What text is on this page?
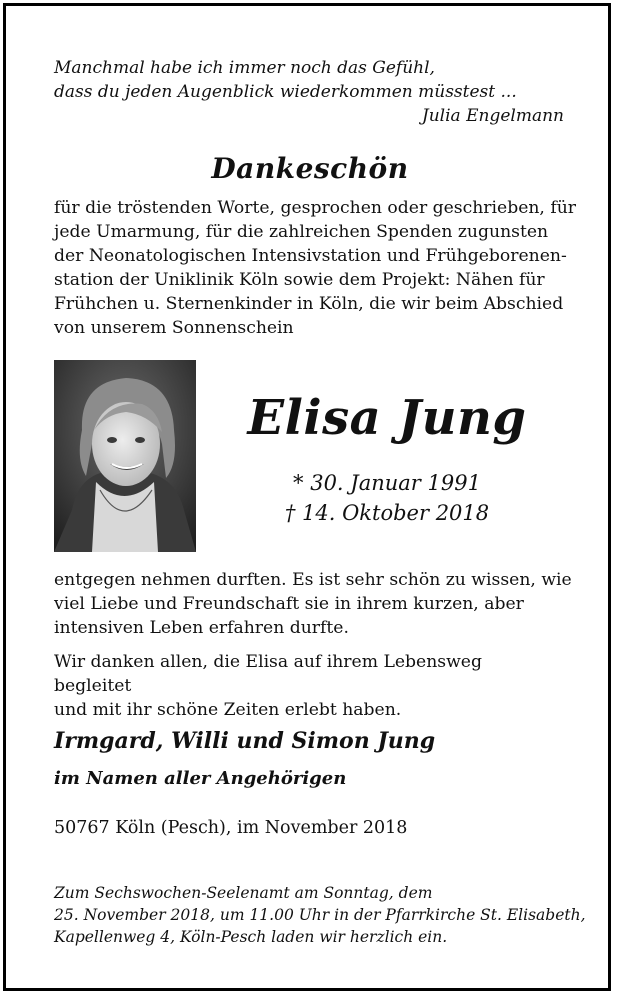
Manchmal habe ich immer noch das Gefühl,
dass du jeden Augenblick wiederkommen müsstest ...
Julia Engelmann
Dankeschön
für die tröstenden Worte, gesprochen oder geschrieben, für
jede Umarmung, für die zahlreichen Spenden zugunsten
der Neonatologischen Intensivstation und Frühgeborenen-
station der Uniklinik Köln sowie dem Projekt: Nähen für
Frühchen u. Sternenkinder in Köln, die wir beim Abschied
von unserem Sonnenschein
Elisa Jung
* 30. Januar 1991
† 14. Oktober 2018
entgegen nehmen durften. Es ist sehr schön zu wissen, wie
viel Liebe und Freundschaft sie in ihrem kurzen, aber
intensiven Leben erfahren durfte.
Wir danken allen, die Elisa auf ihrem Lebensweg begleitet
und mit ihr schöne Zeiten erlebt haben.
Irmgard, Willi und Simon Jung
im Namen aller Angehörigen
50767 Köln (Pesch), im November 2018
Zum Sechswochen-Seelenamt am Sonntag, dem
25. November 2018, um 11.00 Uhr in der Pfarrkirche St. Elisabeth,
Kapellenweg 4, Köln-Pesch laden wir herzlich ein.
